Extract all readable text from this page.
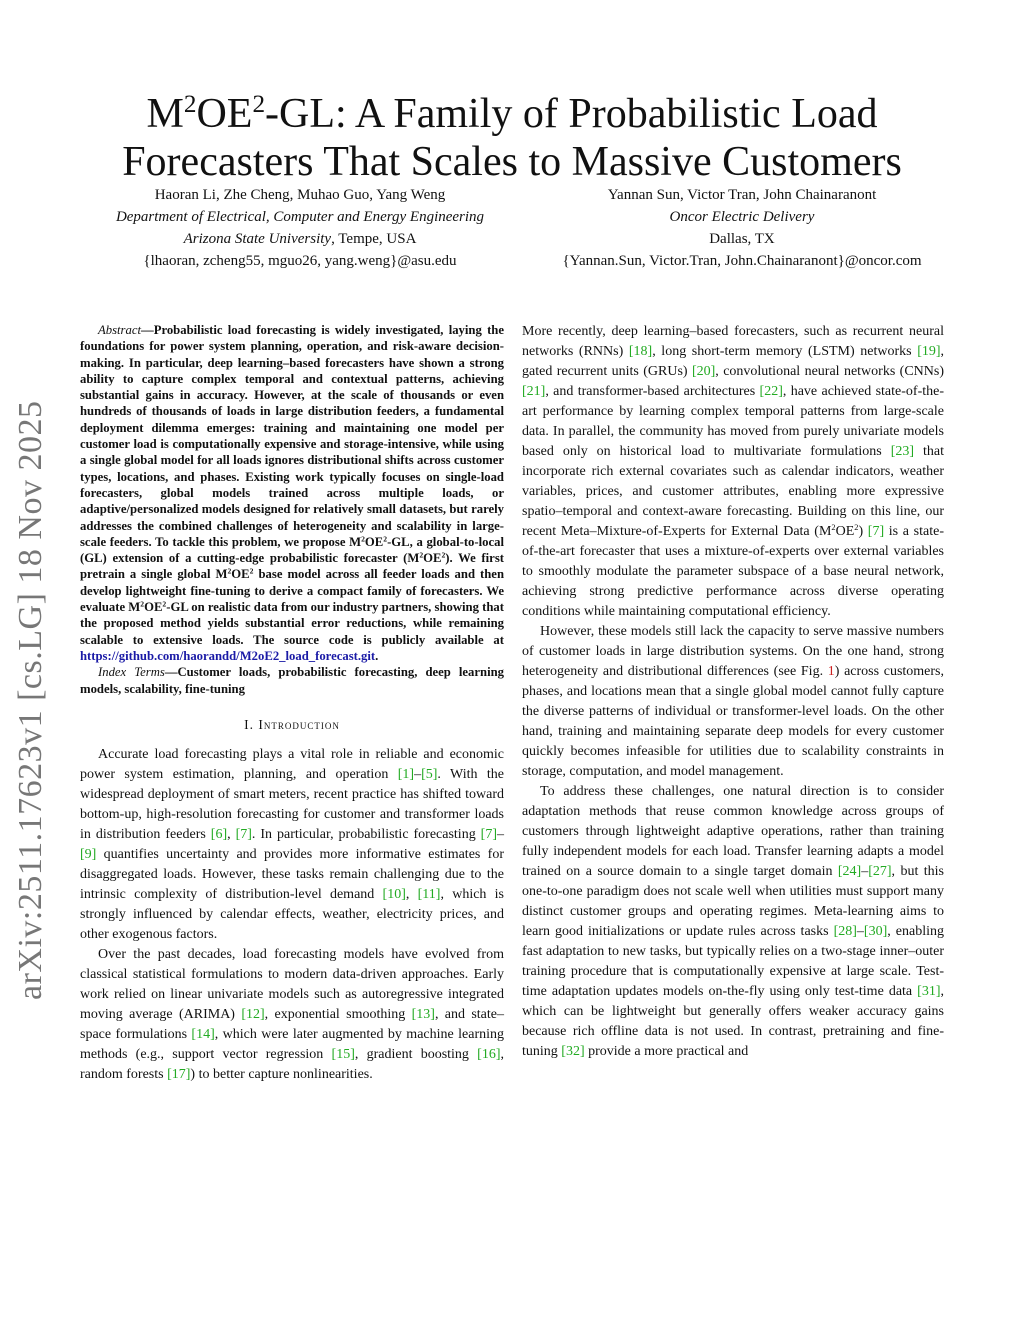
arXiv:2511.17623v1 [cs.LG] 18 Nov 2025
$M^2OE^2-GL$: A Family of Probabilistic Load
Forecasters That Scales to Massive Customers
Haoran Li, Zhe Cheng, Muhao Guo, Yang Weng
Department of Electrical, Computer and Energy Engineering
Arizona State University, Tempe, USA
{lhaoran, zcheng55, mguo26, yang.weng}@asu.edu
Yannan Sun, Victor Tran, John Chainaranont
Oncor Electric Delivery
Dallas, TX
{Yannan.Sun, Victor.Tran, John.Chainaranont}@oncor.com

Abstract—Probabilistic load forecasting is widely investigated, laying the foundations for power system planning, operation, and risk-aware decision-making. In particular, deep learning–based forecasters have shown a strong ability to capture complex temporal and contextual patterns, achieving substantial gains in accuracy. However, at the scale of thousands or even hundreds of thousands of loads in large distribution feeders, a fundamental deployment dilemma emerges: training and maintaining one model per customer load is computationally expensive and storage-intensive, while using a single global model for all loads ignores distributional shifts across customer types, locations, and phases. Existing work typically focuses on single-load forecasters, global models trained across multiple loads, or adaptive/personalized models designed for relatively small datasets, but rarely addresses the combined challenges of heterogeneity and scalability in large-scale feeders. To tackle this problem, we propose $M^2OE^2-GL$, a global-to-local (GL) extension of a cutting-edge probabilistic forecaster $(M^2OE^2)$. We first pretrain a single global $M^2OE^2$ base model across all feeder loads and then develop lightweight fine-tuning to derive a compact family of forecasters. We evaluate $M^2OE^2-GL$ on realistic data from our industry partners, showing that the proposed method yields substantial error reductions, while remaining scalable to extensive loads. The source code is publicly available at https://github.com/haorandd/M2oE2_load_forecast.git.

Index Terms—Customer loads, probabilistic forecasting, deep learning models, scalability, fine-tuning

I. Introduction

Accurate load forecasting plays a vital role in reliable and economic power system estimation, planning, and operation [1]–[5]. With the widespread deployment of smart meters, recent practice has shifted toward bottom-up, high-resolution forecasting for customer and transformer loads in distribution feeders [6], [7]. In particular, probabilistic forecasting [7]–[9] quantifies uncertainty and provides more informative estimates for disaggregated loads. However, these tasks remain challenging due to the intrinsic complexity of distribution-level demand [10], [11], which is strongly influenced by calendar effects, weather, electricity prices, and other exogenous factors.

Over the past decades, load forecasting models have evolved from classical statistical formulations to modern data-driven approaches. Early work relied on linear univariate models such as autoregressive integrated moving average (ARIMA) [12], exponential smoothing [13], and state–space formulations [14], which were later augmented by machine learning methods (e.g., support vector regression [15], gradient boosting [16], random forests [17]) to better capture nonlinearities.

More recently, deep learning–based forecasters, such as recurrent neural networks (RNNs) [18], long short-term memory (LSTM) networks [19], gated recurrent units (GRUs) [20], convolutional neural networks (CNNs) [21], and transformer-based architectures [22], have achieved state-of-the-art performance by learning complex temporal patterns from large-scale data. In parallel, the community has moved from purely univariate models based only on historical load to multivariate formulations [23] that incorporate rich external covariates such as calendar indicators, weather variables, prices, and customer attributes, enabling more expressive spatio–temporal and context-aware forecasting. Building on this line, our recent Meta–Mixture-of-Experts for External Data $(M^2OE^2)$ [7] is a state-of-the-art forecaster that uses a mixture-of-experts over external variables to smoothly modulate the parameter subspace of a base neural network, achieving strong predictive performance across diverse operating conditions while maintaining computational efficiency.

However, these models still lack the capacity to serve massive numbers of customer loads in large distribution systems. On the one hand, strong heterogeneity and distributional differences (see Fig. 1) across customers, phases, and locations mean that a single global model cannot fully capture the diverse patterns of individual or transformer-level loads. On the other hand, training and maintaining separate deep models for every customer quickly becomes infeasible for utilities due to scalability constraints in storage, computation, and model management.

To address these challenges, one natural direction is to consider adaptation methods that reuse common knowledge across groups of customers through lightweight adaptive operations, rather than training fully independent models for each load. Transfer learning adapts a model trained on a source domain to a single target domain [24]–[27], but this one-to-one paradigm does not scale well when utilities must support many distinct customer groups and operating regimes. Meta-learning aims to learn good initializations or update rules across tasks [28]–[30], enabling fast adaptation to new tasks, but typically relies on a two-stage inner–outer training procedure that is computationally expensive at large scale. Test-time adaptation updates models on-the-fly using only test-time data [31], which can be lightweight but generally offers weaker accuracy gains because rich offline data is not used. In contrast, pretraining and fine-tuning [32] provide a more practical and
